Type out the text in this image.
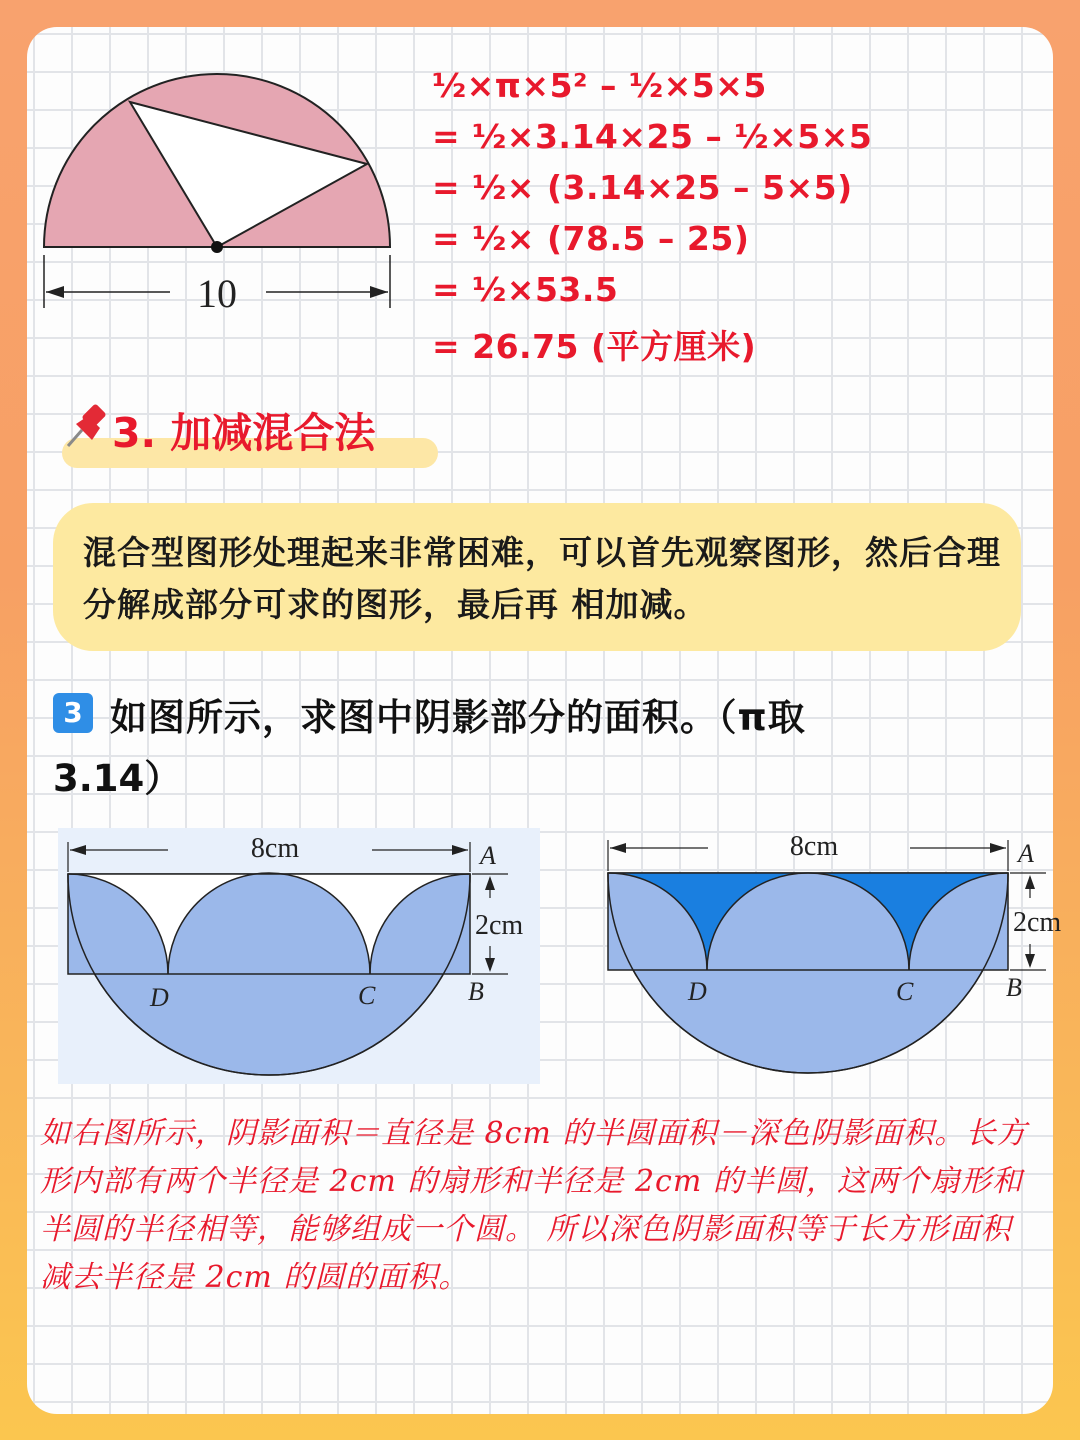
10
½×π×5² – ½×5×5
= ½×3.14×25 – ½×5×5
= ½× (3.14×25 – 5×5)
= ½× (78.5 – 25)
= ½×53.5
= 26.75 (平方厘米)
3. 加减混合法
混合型图形处理起来非常困难，可以首先观察图形，然后合理分解成部分可求的图形，最后再 相加减。
3 如图所示，求图中阴影部分的面积。（π取
3.14）
8cm
2cm
A
B
C
D
8cm
2cm
A
B
C
D
如右图所示，阴影面积＝直径是 8cm 的半圆面积－深色阴影面积。长方形内部有两个半径是 2cm 的扇形和半径是 2cm 的半圆，这两个扇形和半圆的半径相等，能够组成一个圆。 所以深色阴影面积等于长方形面积减去半径是 2cm 的圆的面积。
